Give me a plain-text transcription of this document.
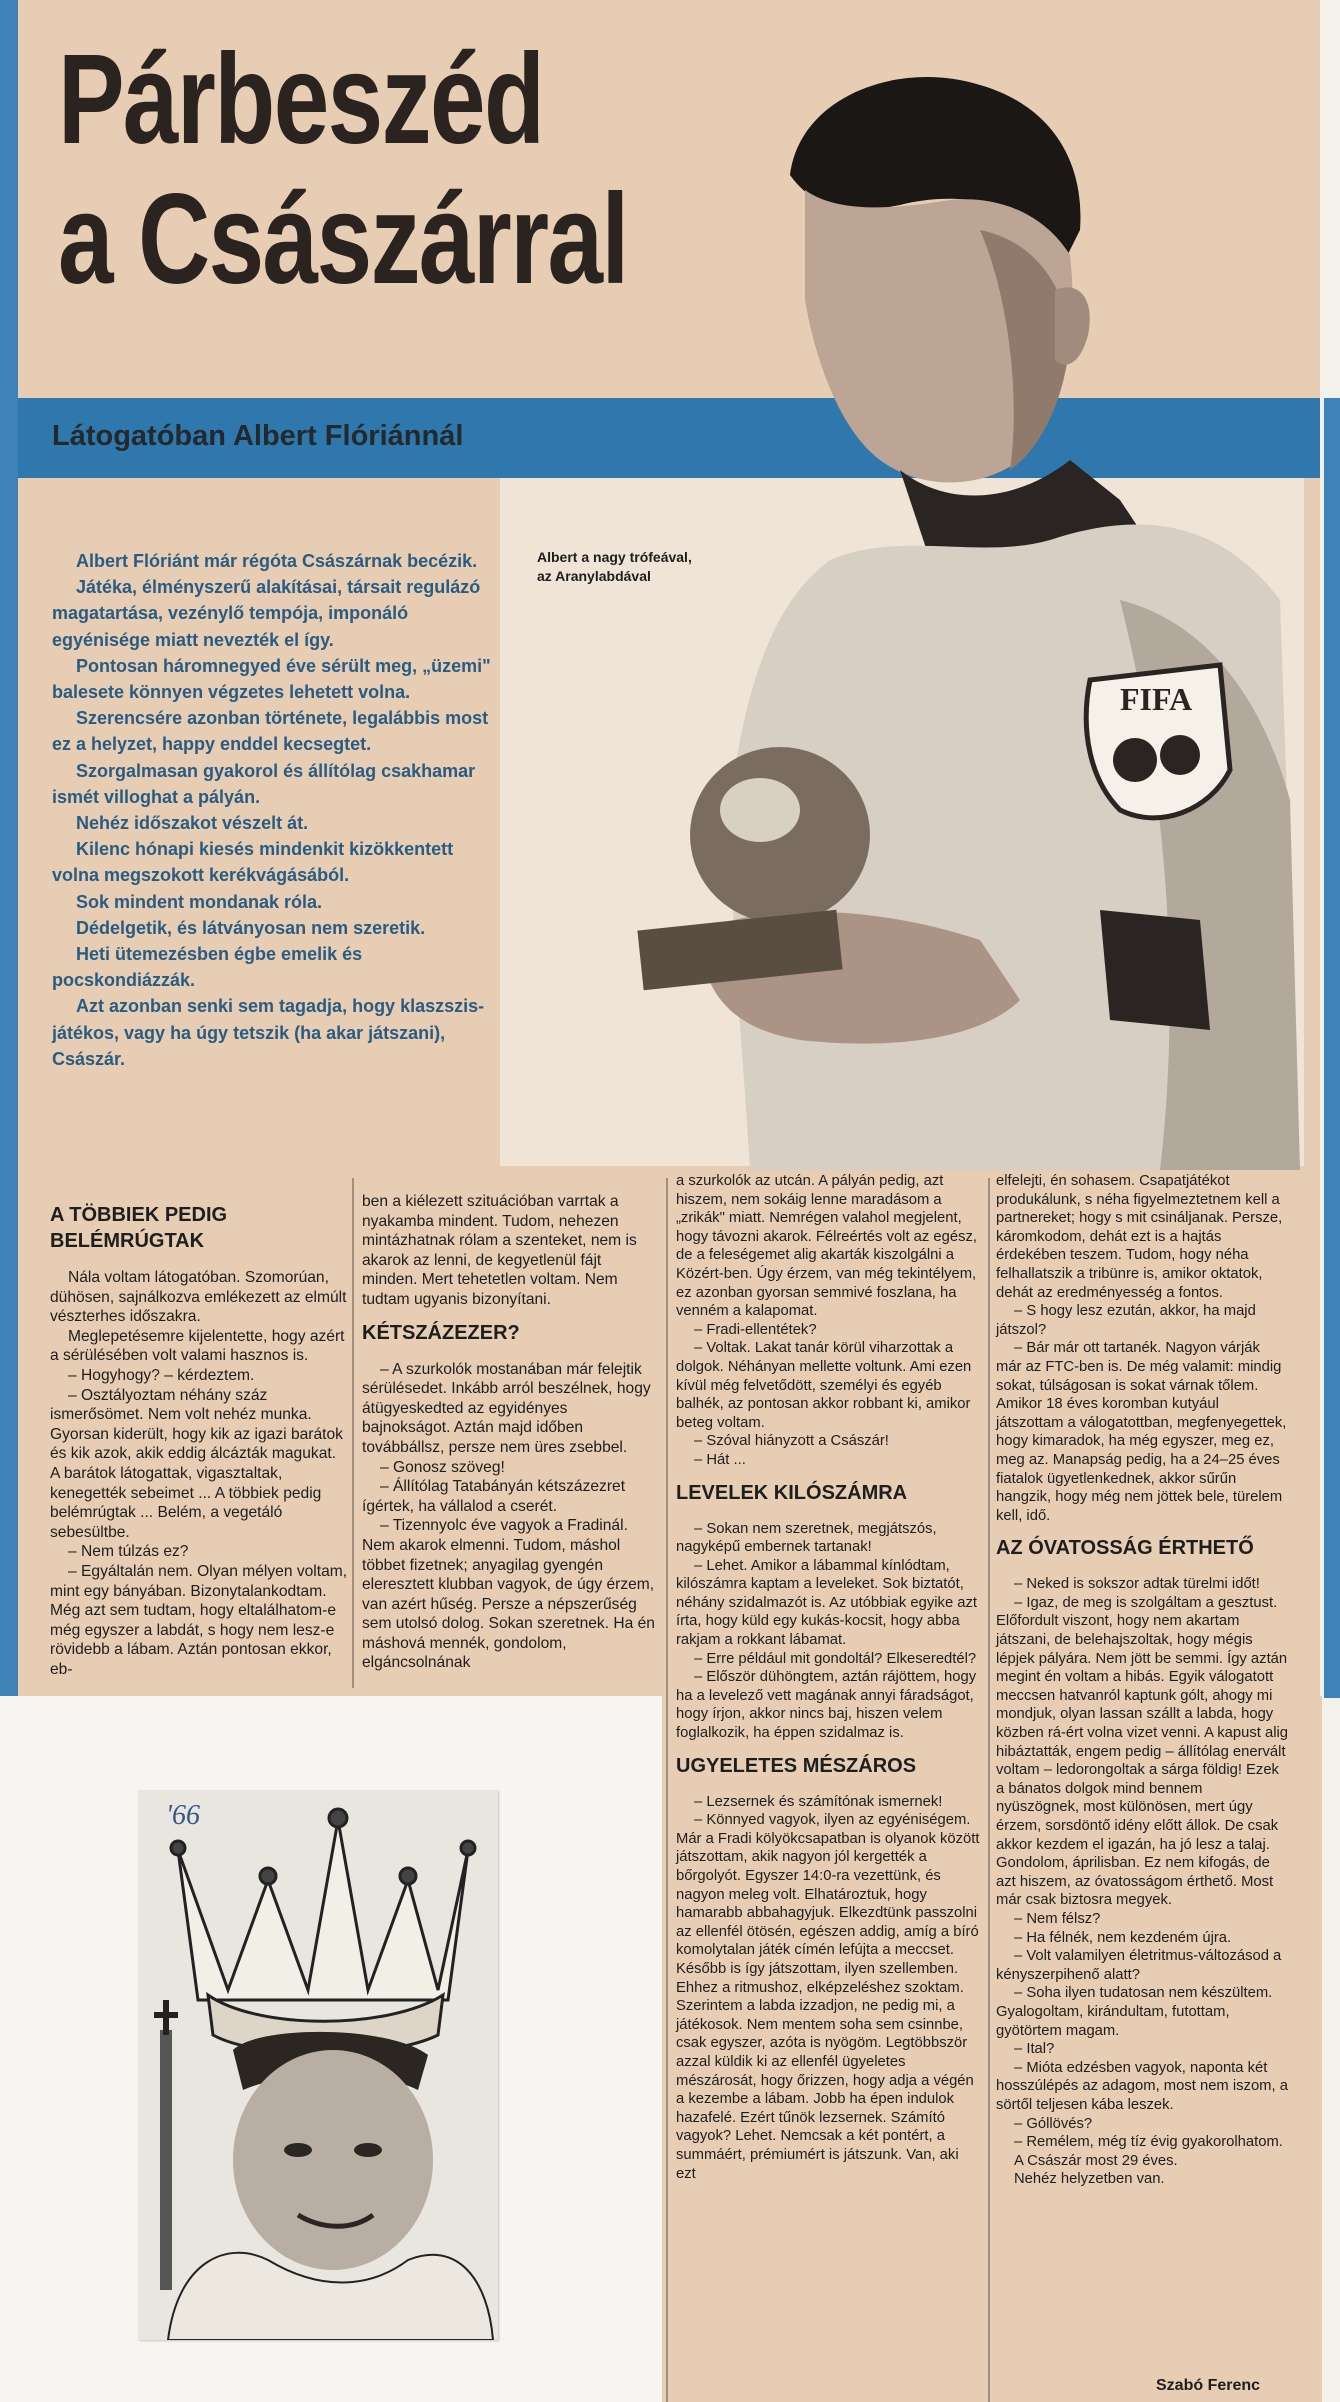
Párbeszéd
a Császárral
Látogatóban Albert Flóriánnál
FIFA
Albert a nagy trófeával,
az Aranylabdával

Albert Flóriánt már régóta Császárnak becézik.

Játéka, élményszerű alakításai, társait regulázó magatartása, vezénylő tempója, imponáló egyénisége miatt nevezték el így.

Pontosan háromnegyed éve sérült meg, „üzemi" balesete könnyen végzetes lehetett volna.

Szerencsére azonban története, legalábbis most ez a helyzet, happy enddel kecsegtet.

Szorgalmasan gyakorol és állítólag csakhamar ismét villoghat a pályán.

Nehéz időszakot vészelt át.

Kilenc hónapi kiesés mindenkit kizökkentett volna megszokott kerékvágásából.

Sok mindent mondanak róla.

Dédelgetik, és látványosan nem szeretik.

Heti ütemezésben égbe emelik és pocskondiázzák.

Azt azonban senki sem tagadja, hogy klaszszis-játékos, vagy ha úgy tetszik (ha akar játszani), Császár.

A TÖBBIEK PEDIG BELÉMRÚGTAK

Nála voltam látogatóban. Szomorúan, dühösen, sajnálkozva emlékezett az elmúlt vészterhes időszakra.

Meglepetésemre kijelentette, hogy azért a sérülésében volt valami hasznos is.

– Hogyhogy? – kérdeztem.

– Osztályoztam néhány száz ismerősömet. Nem volt nehéz munka. Gyorsan kiderült, hogy kik az igazi barátok és kik azok, akik eddig álcázták magukat. A barátok látogattak, vigasztaltak, kenegették sebeimet ... A többiek pedig belémrúgtak ... Belém, a vegetáló sebesültbe.

– Nem túlzás ez?

– Egyáltalán nem. Olyan mélyen voltam, mint egy bányában. Bizonytalankodtam. Még azt sem tudtam, hogy eltalálhatom-e még egyszer a labdát, s hogy nem lesz-e rövidebb a lábam. Aztán pontosan ekkor, eb-

ben a kiélezett szituációban varrtak a nyakamba mindent. Tudom, nehezen mintázhatnak rólam a szenteket, nem is akarok az lenni, de kegyetlenül fájt minden. Mert tehetetlen voltam. Nem tudtam ugyanis bizonyítani.

KÉTSZÁZEZER?

– A szurkolók mostanában már felejtik sérülésedet. Inkább arról beszélnek, hogy átügyeskedted az egyidényes bajnokságot. Aztán majd időben továbbállsz, persze nem üres zsebbel.

– Gonosz szöveg!

– Állítólag Tatabányán kétszázezret ígértek, ha vállalod a cserét.

– Tizennyolc éve vagyok a Fradinál. Nem akarok elmenni. Tudom, máshol többet fizetnek; anyagilag gyengén eleresztett klubban vagyok, de úgy érzem, van azért hűség. Persze a népszerűség sem utolsó dolog. Sokan szeretnek. Ha én máshová mennék, gondolom, elgáncsolnának

a szurkolók az utcán. A pályán pedig, azt hiszem, nem sokáig lenne maradásom a „zrikák" miatt. Nemrégen valahol megjelent, hogy távozni akarok. Félreértés volt az egész, de a feleségemet alig akarták kiszolgálni a Közért-ben. Úgy érzem, van még tekintélyem, ez azonban gyorsan semmivé foszlana, ha venném a kalapomat.

– Fradi-ellentétek?

– Voltak. Lakat tanár körül viharzottak a dolgok. Néhányan mellette voltunk. Ami ezen kívül még felvetődött, személyi és egyéb balhék, az pontosan akkor robbant ki, amikor beteg voltam.

– Szóval hiányzott a Császár!

– Hát ...

LEVELEK KILÓSZÁMRA

– Sokan nem szeretnek, megjátszós, nagyképű embernek tartanak!

– Lehet. Amikor a lábammal kínlódtam, kilószámra kaptam a leveleket. Sok biztatót, néhány szidalmazót is. Az utóbbiak egyike azt írta, hogy küld egy kukás-kocsit, hogy abba rakjam a rokkant lábamat.

– Erre például mit gondoltál? Elkeseredtél?

– Először dühöngtem, aztán rájöttem, hogy ha a levelező vett magának annyi fáradságot, hogy írjon, akkor nincs baj, hiszen velem foglalkozik, ha éppen szidalmaz is.

UGYELETES MÉSZÁROS

– Lezsernek és számítónak ismernek!

– Könnyed vagyok, ilyen az egyéniségem. Már a Fradi kölyökcsapatban is olyanok között játszottam, akik nagyon jól kergették a bőrgolyót. Egyszer 14:0-ra vezettünk, és nagyon meleg volt. Elhatároztuk, hogy hamarabb abbahagyjuk. Elkezdtünk passzolni az ellenfél ötösén, egészen addig, amíg a bíró komolytalan játék címén lefújta a meccset. Később is így játszottam, ilyen szellemben. Ehhez a ritmushoz, elképzeléshez szoktam. Szerintem a labda izzadjon, ne pedig mi, a játékosok. Nem mentem soha sem csinnbe, csak egyszer, azóta is nyögöm. Legtöbbször azzal küldik ki az ellenfél ügyeletes mészárosát, hogy őrizzen, hogy adja a végén a kezembe a lábam. Jobb ha épen indulok hazafelé. Ezért tűnök lezsernek. Számító vagyok? Lehet. Nemcsak a két pontért, a summáért, prémiumért is játszunk. Van, aki ezt

elfelejti, én sohasem. Csapatjátékot produkálunk, s néha figyelmeztetnem kell a partnereket; hogy s mit csináljanak. Persze, káromkodom, dehát ezt is a hajtás érdekében teszem. Tudom, hogy néha felhallatszik a tribünre is, amikor oktatok, dehát az eredményesség a fontos.

– S hogy lesz ezután, akkor, ha majd játszol?

– Bár már ott tartanék. Nagyon várják már az FTC-ben is. De még valamit: mindig sokat, túlságosan is sokat várnak tőlem. Amikor 18 éves koromban kutyául játszottam a válogatottban, megfenyegettek, hogy kimaradok, ha még egyszer, meg ez, meg az. Manapság pedig, ha a 24–25 éves fiatalok ügyetlenkednek, akkor sűrűn hangzik, hogy még nem jöttek bele, türelem kell, idő.

AZ ÓVATOSSÁG ÉRTHETŐ

– Neked is sokszor adtak türelmi időt!

– Igaz, de meg is szolgáltam a gesztust. Előfordult viszont, hogy nem akartam játszani, de belehajszoltak, hogy mégis lépjek pályára. Nem jött be semmi. Így aztán megint én voltam a hibás. Egyik válogatott meccsen hatvanról kaptunk gólt, ahogy mi mondjuk, olyan lassan szállt a labda, hogy közben rá-ért volna vizet venni. A kapust alig hibáztatták, engem pedig – állítólag enervált voltam – ledorongoltak a sárga földig! Ezek a bánatos dolgok mind bennem nyüszögnek, most különösen, mert úgy érzem, sorsdöntő idény előtt állok. De csak akkor kezdem el igazán, ha jó lesz a talaj. Gondolom, áprilisban. Ez nem kifogás, de azt hiszem, az óvatosságom érthető. Most már csak biztosra megyek.

– Nem félsz?

– Ha félnék, nem kezdeném újra.

– Volt valamilyen életritmus-változásod a kényszerpihenő alatt?

– Soha ilyen tudatosan nem készültem. Gyalogoltam, kirándultam, futottam, gyötörtem magam.

– Ital?

– Mióta edzésben vagyok, naponta két hosszúlépés az adagom, most nem iszom, a sörtől teljesen kába leszek.

– Góllövés?

– Remélem, még tíz évig gyakorolhatom.

A Császár most 29 éves.

Nehéz helyzetben van.

Szabó Ferenc
'66
